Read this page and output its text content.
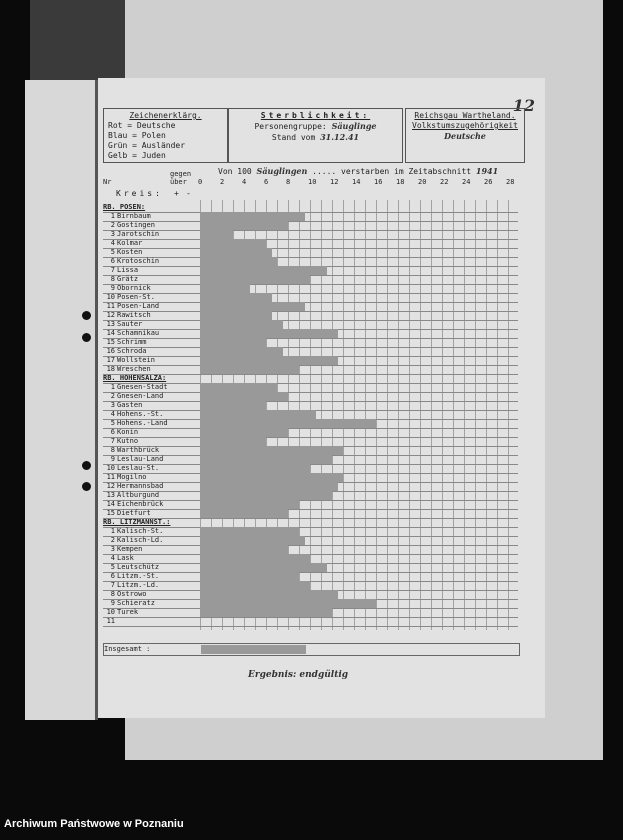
12
Zeichenerklärg.
Rot = Deutsche
Blau = Polen
Grün = Ausländer
Gelb = Juden
Sterblichkeit:
Personengruppe: Säuglinge
Stand vom 31.12.41
Reichsgau Wartheland.
Volkstumszugehörigkeit
Deutsche
Von 100 Säuglingen ..... verstarben im Zeitabschnitt 1941
Nr
gegen über
Kreis: + -
0	2	4	6	8	10 12 14 16 18 20 22 24 26 28
RB. POSEN:
1 Birnbaum
2 Gostingen
3 Jarotschin
4 Kolmar
5 Kosten
6 Krotoschin
7 Lissa
8 Grätz
9 Obornick
10 Posen-St.
11 Posen-Land
12 Rawitsch
13 Sauter
14 Schamnikau
15 Schrimm
16 Schroda
17 Wollstein
18 Wreschen
RB. HOHENSALZA:
1 Gnesen-Stadt
2 Gnesen-Land
3 Gasten
4 Hohens.-St.
5 Hohens.-Land
6 Konin
7 Kutno
8 Warthbrück
9 Leslau-Land
10 Leslau-St.
11 Mogilno
12 Hermannsbad
13 Altburgund
14 Eichenbrück
15 Dietfurt
RB. LITZMANNST.:
1 Kalisch-St.
2 Kalisch-Ld.
3 Kempen
4 Lask
5 Leutschütz
6 Litzm.-St.
7 Litzm.-Ld.
8 Ostrowo
9 Schieratz
10 Turek
11
Insgesamt :
Ergebnis: endgültig
Archiwum Państwowe w Poznaniu
